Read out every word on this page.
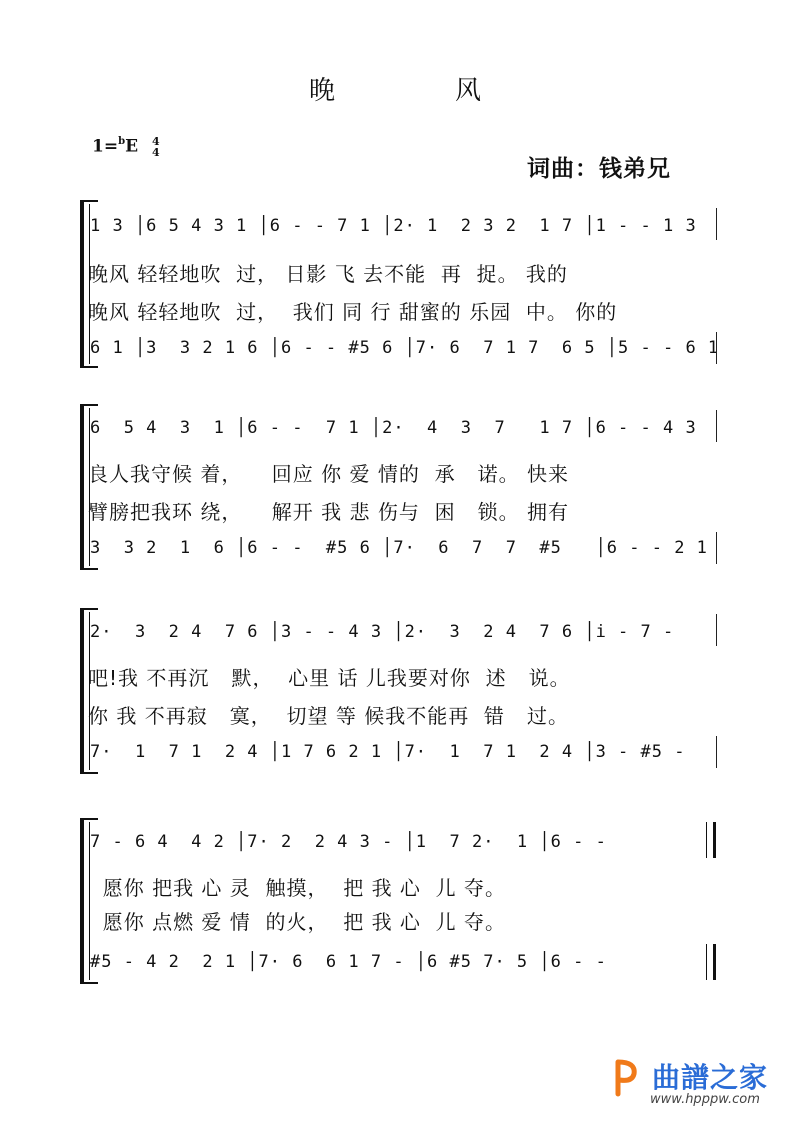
晚	风
1=$^b$E 4
4
词曲：钱弟兄
1 3 │6 5 4 3 1 │6 - - 7 1 │2· 1  2 3 2  1 7 │1 - - 1 3
晚风 轻轻地吹  过， 日影 飞 去不能  再  捉。 我的
晚风 轻轻地吹  过，  我们 同 行 甜蜜的 乐园  中。 你的
6 1 │3  3 2 1 6 │6 - - #5 6 │7· 6  7 1 7  6 5 │5 - - 6 1
6  5 4  3  1 │6 - -  7 1 │2·  4  3  7   1 7 │6 - - 4 3
良人我守候 着，    回应 你 爱 情的  承   诺。 快来
臂膀把我环 绕，    解开 我 悲 伤与  困   锁。 拥有
3  3 2  1  6 │6 - -  #5 6 │7·  6  7  7  #5   │6 - - 2 1
2·  3  2 4  7 6 │3 - - 4 3 │2·  3  2 4  7 6 │i - 7 -
吧!我 不再沉   默，  心里 话 儿我要对你  述   说。
你 我 不再寂   寞，  切望 等 候我不能再  错   过。
7·  1  7 1  2 4 │1 7 6 2 1 │7·  1  7 1  2 4 │3 - #5 -
7 - 6 4  4 2 │7· 2  2 4 3 - │1  7 2·  1 │6 - -
愿你 把我 心 灵  触摸，  把 我 心  儿 夺。
愿你 点燃 爱 情  的火，  把 我 心  儿 夺。
#5 - 4 2  2 1 │7· 6  6 1 7 - │6 #5 7· 5 │6 - -
曲譜之家
www.hpppw.com
